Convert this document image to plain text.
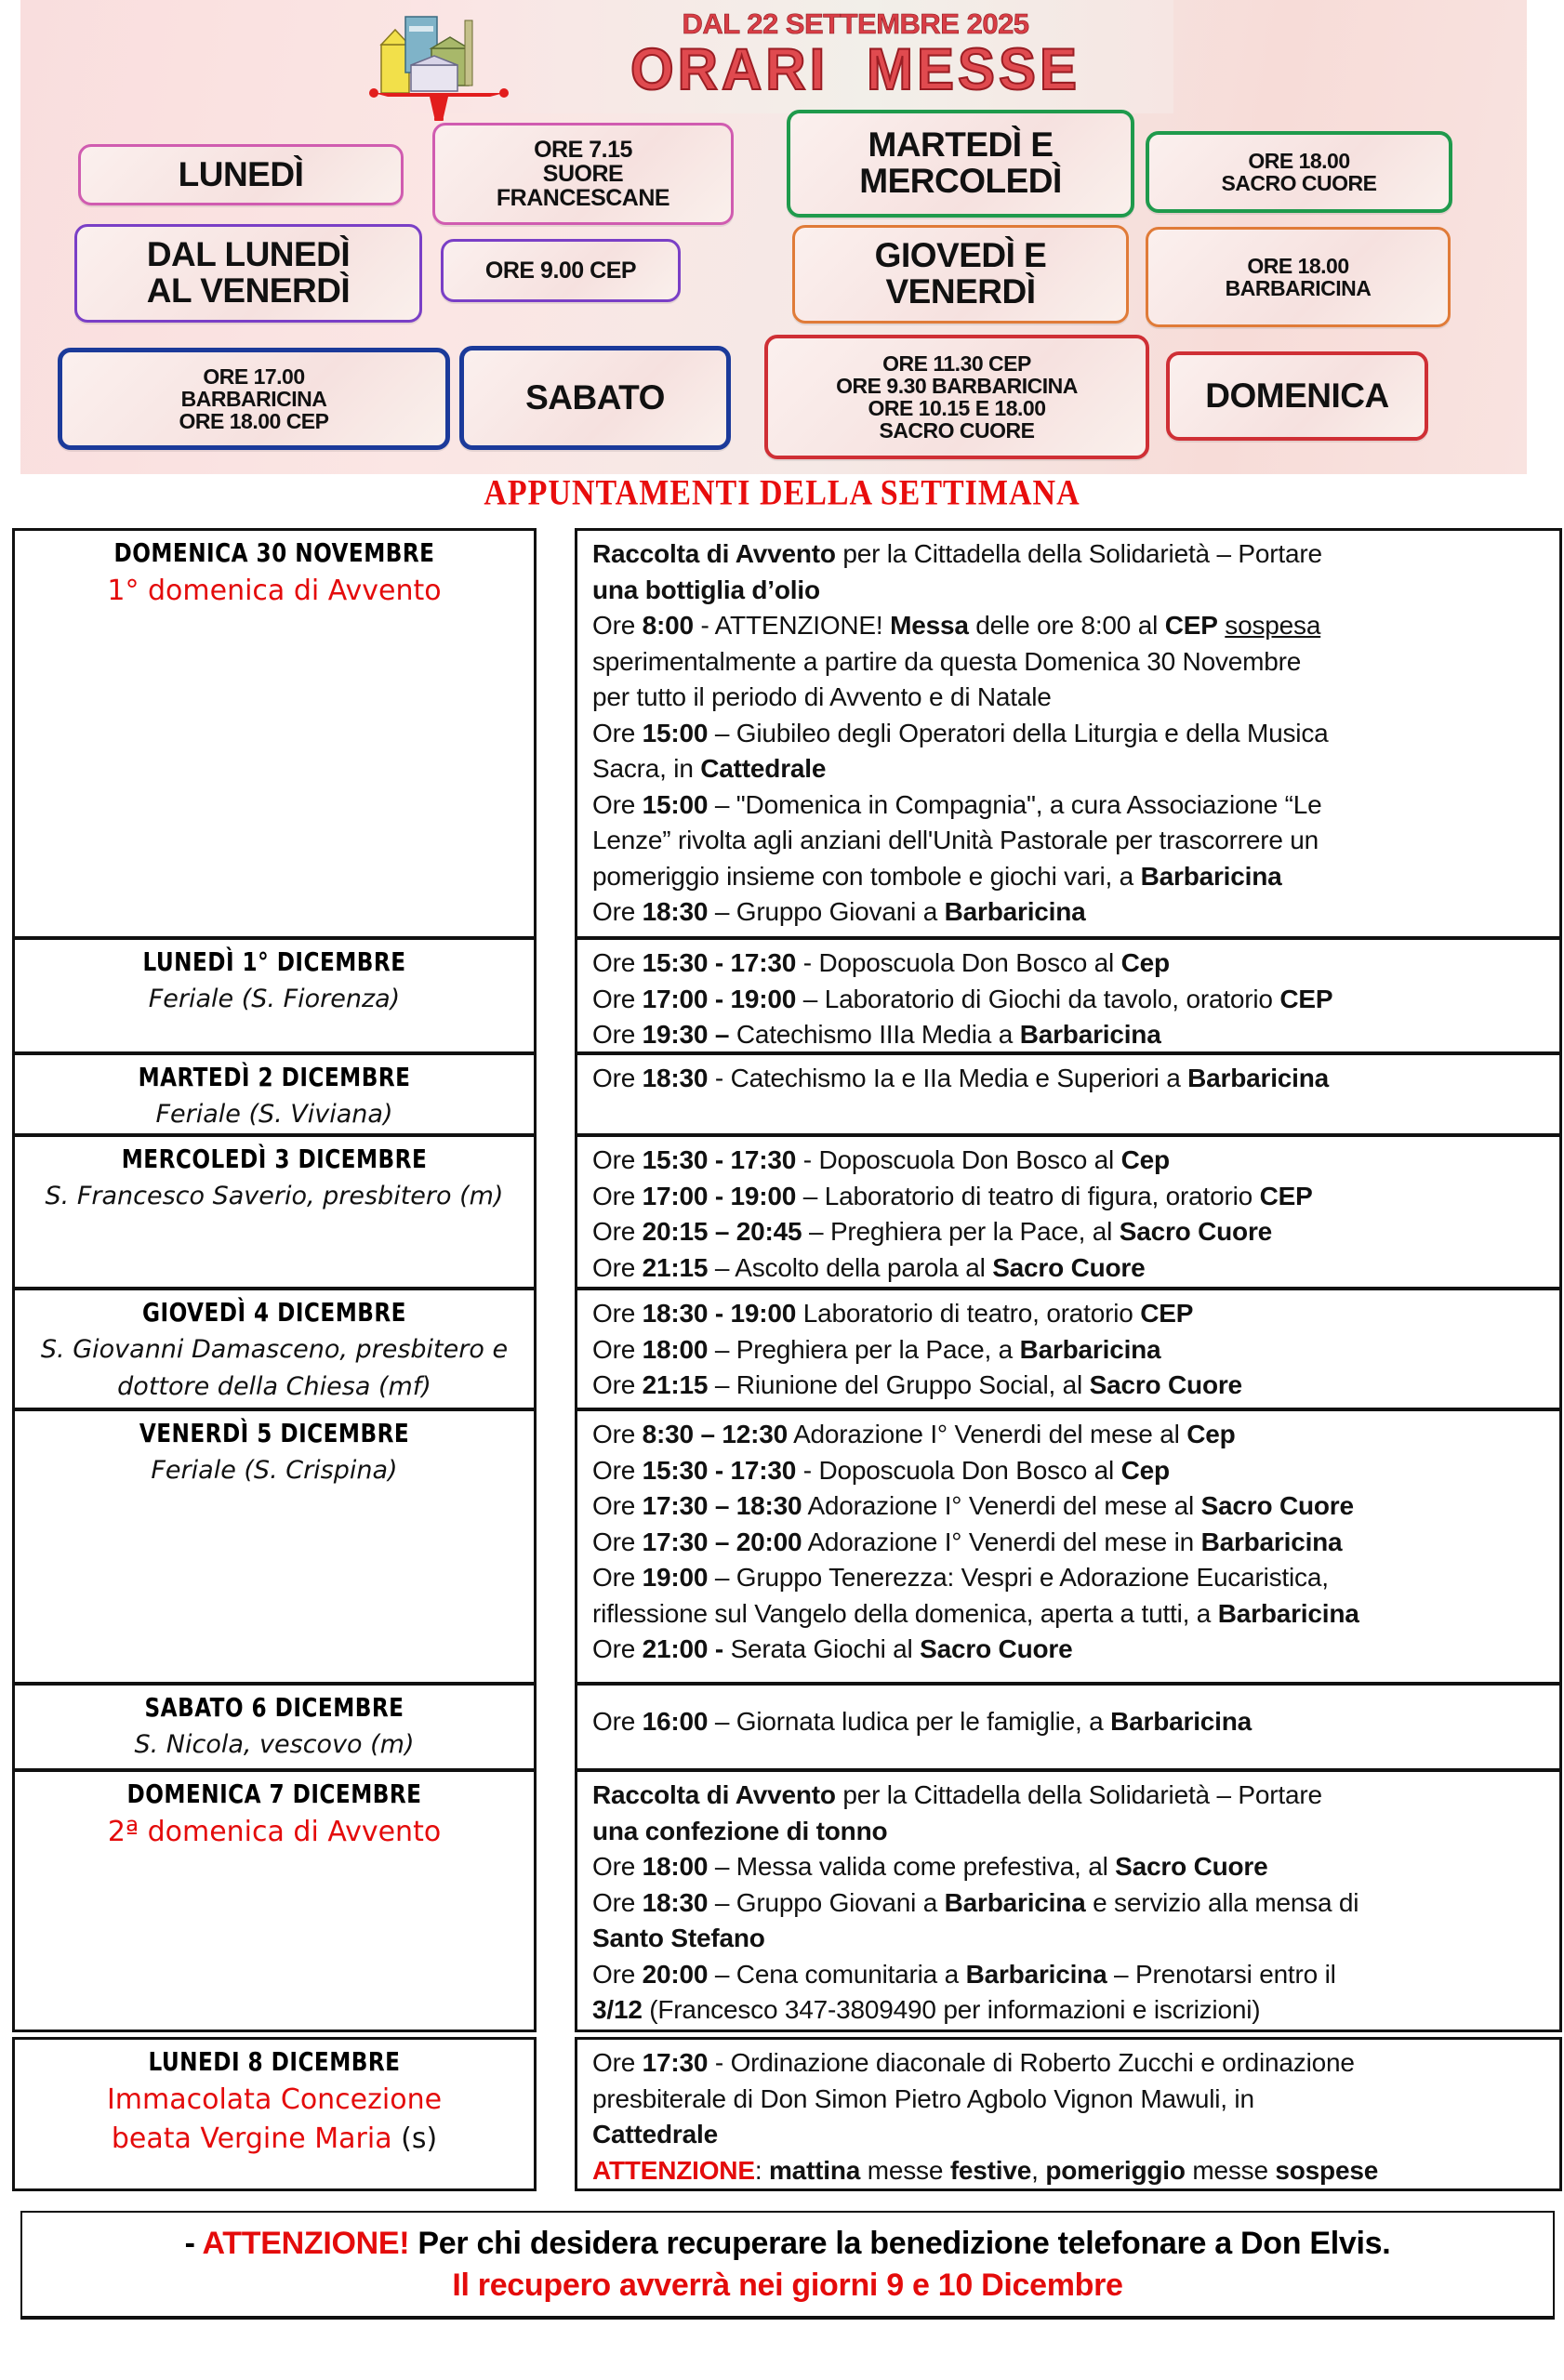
DAL 22 SETTEMBRE 2025
ORARI MESSE
LUNEDÌ
ORE 7.15
SUORE
FRANCESCANE
DAL LUNEDÌ
AL VENERDÌ
ORE 9.00 CEP
ORE 17.00
BARBARICINA
ORE 18.00 CEP
SABATO
MARTEDÌ E
MERCOLEDÌ
ORE 18.00
SACRO CUORE
GIOVEDÌ E
VENERDÌ
ORE 18.00
BARBARICINA
ORE 11.30 CEP
ORE 9.30 BARBARICINA
ORE 10.15 E 18.00
SACRO CUORE
DOMENICA
APPUNTAMENTI DELLA SETTIMANA
DOMENICA 30 NOVEMBRE
1° domenica di Avvento
Raccolta di Avvento per la Cittadella della Solidarietà – Portare
una bottiglia d’olio
Ore 8:00 - ATTENZIONE! Messa delle ore 8:00 al CEP sospesa
sperimentalmente a partire da questa Domenica 30 Novembre
per tutto il periodo di Avvento e di Natale
Ore 15:00 – Giubileo degli Operatori della Liturgia e della Musica
Sacra, in Cattedrale
Ore 15:00 – "Domenica in Compagnia", a cura Associazione “Le
Lenze” rivolta agli anziani dell'Unità Pastorale per trascorrere un
pomeriggio insieme con tombole e giochi vari, a Barbaricina
Ore 18:30 – Gruppo Giovani a Barbaricina
LUNEDÌ 1° DICEMBRE
Feriale (S. Fiorenza)
Ore 15:30 - 17:30 - Doposcuola Don Bosco al Cep
Ore 17:00 - 19:00 – Laboratorio di Giochi da tavolo, oratorio CEP
Ore 19:30 – Catechismo IIIa Media a Barbaricina
MARTEDÌ 2 DICEMBRE
Feriale (S. Viviana)
Ore 18:30 - Catechismo Ia e IIa Media e Superiori a Barbaricina
MERCOLEDÌ 3 DICEMBRE
S. Francesco Saverio, presbitero (m)
Ore 15:30 - 17:30 - Doposcuola Don Bosco al Cep
Ore 17:00 - 19:00 – Laboratorio di teatro di figura, oratorio CEP
Ore 20:15 – 20:45 – Preghiera per la Pace, al Sacro Cuore
Ore 21:15 – Ascolto della parola al Sacro Cuore
GIOVEDÌ 4 DICEMBRE
S. Giovanni Damasceno, presbitero e
dottore della Chiesa (mf)
Ore 18:30 - 19:00 Laboratorio di teatro, oratorio CEP
Ore 18:00 – Preghiera per la Pace, a Barbaricina
Ore 21:15 – Riunione del Gruppo Social, al Sacro Cuore
VENERDÌ 5 DICEMBRE
Feriale (S. Crispina)
Ore 8:30 – 12:30 Adorazione I° Venerdi del mese al Cep
Ore 15:30 - 17:30 - Doposcuola Don Bosco al Cep
Ore 17:30 – 18:30 Adorazione I° Venerdi del mese al Sacro Cuore
Ore 17:30 – 20:00 Adorazione I° Venerdi del mese in Barbaricina
Ore 19:00 – Gruppo Tenerezza: Vespri e Adorazione Eucaristica,
riflessione sul Vangelo della domenica, aperta a tutti, a Barbaricina
Ore 21:00 - Serata Giochi al Sacro Cuore
SABATO 6 DICEMBRE
S. Nicola, vescovo (m)
Ore 16:00 – Giornata ludica per le famiglie, a Barbaricina
DOMENICA 7 DICEMBRE
2ª domenica di Avvento
Raccolta di Avvento per la Cittadella della Solidarietà – Portare
una confezione di tonno
Ore 18:00 – Messa valida come prefestiva, al Sacro Cuore
Ore 18:30 – Gruppo Giovani a Barbaricina e servizio alla mensa di
Santo Stefano
Ore 20:00 – Cena comunitaria a Barbaricina – Prenotarsi entro il
3/12 (Francesco 347-3809490 per informazioni e iscrizioni)
LUNEDI 8 DICEMBRE
Immacolata Concezione
beata Vergine Maria (s)
Ore 17:30 - Ordinazione diaconale di Roberto Zucchi e ordinazione
presbiterale di Don Simon Pietro Agbolo Vignon Mawuli, in
Cattedrale
ATTENZIONE: mattina messe festive, pomeriggio messe sospese
- ATTENZIONE! Per chi desidera recuperare la benedizione telefonare a Don Elvis.
Il recupero avverrà nei giorni 9 e 10 Dicembre
